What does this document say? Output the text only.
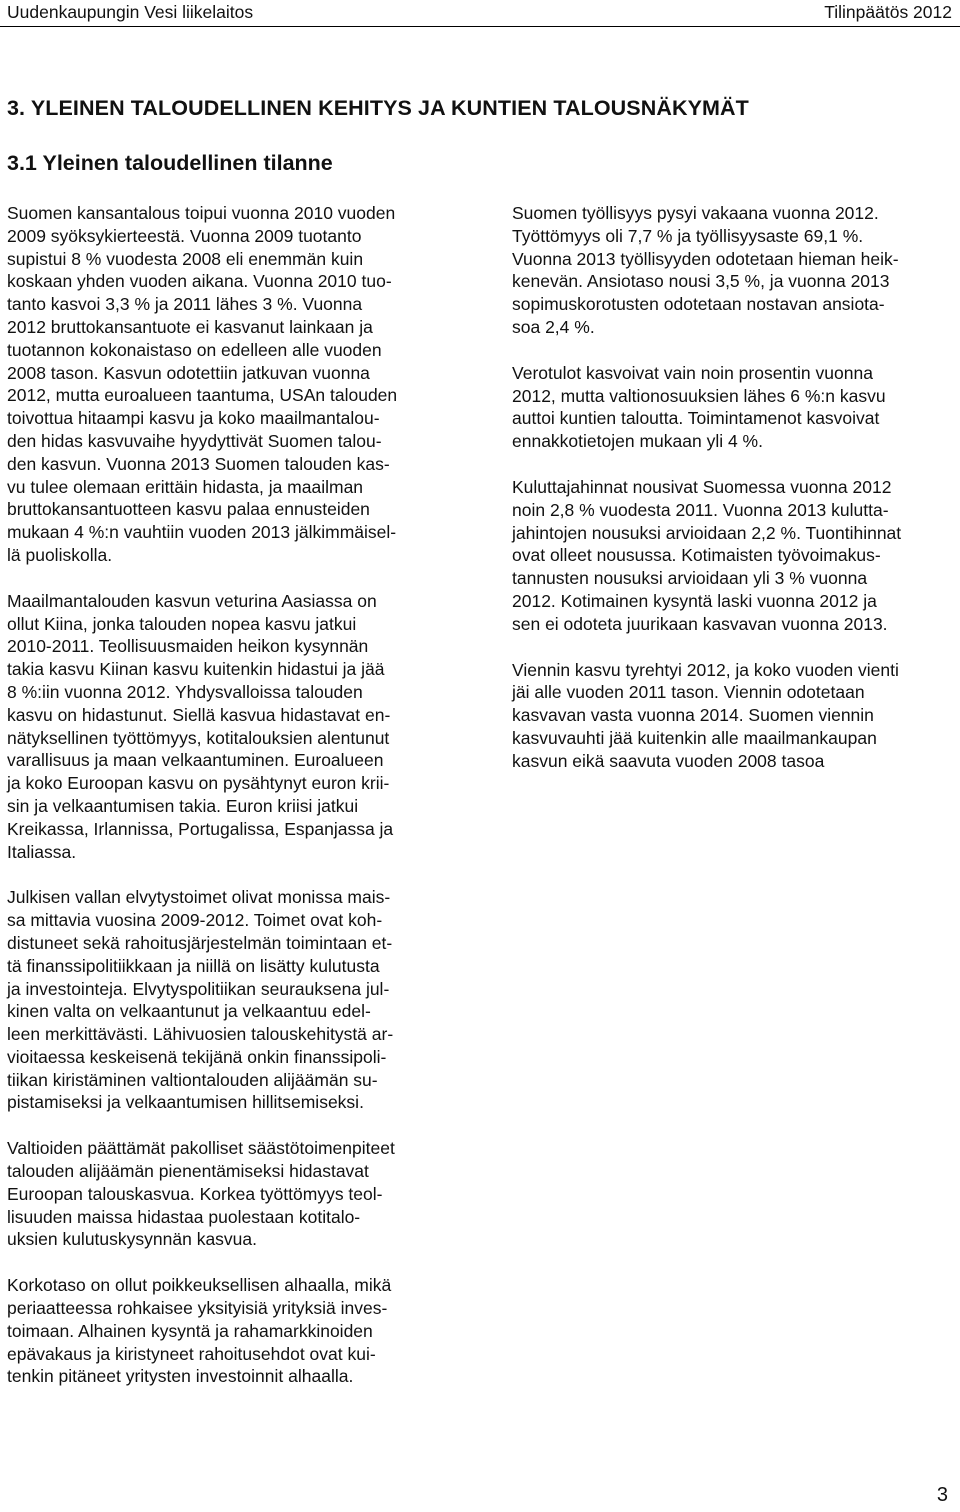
Uudenkaupungin Vesi liikelaitos	Tilinpäätös 2012
3. YLEINEN TALOUDELLINEN KEHITYS JA KUNTIEN TALOUSNÄKYMÄT
3.1 Yleinen taloudellinen tilanne

Suomen kansantalous toipui vuonna 2010 vuoden
2009 syöksykierteestä. Vuonna 2009 tuotanto
supistui 8 % vuodesta 2008 eli enemmän kuin
koskaan yhden vuoden aikana. Vuonna 2010 tuo-
tanto kasvoi 3,3 % ja 2011 lähes 3 %. Vuonna
2012 bruttokansantuote ei kasvanut lainkaan ja
tuotannon kokonaistaso on edelleen alle vuoden
2008 tason. Kasvun odotettiin jatkuvan vuonna
2012, mutta euroalueen taantuma, USAn talouden
toivottua hitaampi kasvu ja koko maailmantalou-
den hidas kasvuvaihe hyydyttivät Suomen talou-
den kasvun. Vuonna 2013 Suomen talouden kas-
vu tulee olemaan erittäin hidasta, ja maailman
bruttokansantuotteen kasvu palaa ennusteiden
mukaan 4 %:n vauhtiin vuoden 2013 jälkimmäisel-
lä puoliskolla.

Maailmantalouden kasvun veturina Aasiassa on
ollut Kiina, jonka talouden nopea kasvu jatkui
2010-2011. Teollisuusmaiden heikon kysynnän
takia kasvu Kiinan kasvu kuitenkin hidastui ja jää
8 %:iin vuonna 2012. Yhdysvalloissa talouden
kasvu on hidastunut. Siellä kasvua hidastavat en-
nätyksellinen työttömyys, kotitalouksien alentunut
varallisuus ja maan velkaantuminen. Euroalueen
ja koko Euroopan kasvu on pysähtynyt euron krii-
sin ja velkaantumisen takia. Euron kriisi jatkui
Kreikassa, Irlannissa, Portugalissa, Espanjassa ja
Italiassa.

Julkisen vallan elvytystoimet olivat monissa mais-
sa mittavia vuosina 2009-2012. Toimet ovat koh-
distuneet sekä rahoitusjärjestelmän toimintaan et-
tä finanssipolitiikkaan ja niillä on lisätty kulutusta
ja investointeja. Elvytyspolitiikan seurauksena jul-
kinen valta on velkaantunut ja velkaantuu edel-
leen merkittävästi. Lähivuosien talouskehitystä ar-
vioitaessa keskeisenä tekijänä onkin finanssipoli-
tiikan kiristäminen valtiontalouden alijäämän su-
pistamiseksi ja velkaantumisen hillitsemiseksi.

Valtioiden päättämät pakolliset säästötoimenpiteet
talouden alijäämän pienentämiseksi hidastavat
Euroopan talouskasvua. Korkea työttömyys teol-
lisuuden maissa hidastaa puolestaan kotitalo-
uksien kulutuskysynnän kasvua.

Korkotaso on ollut poikkeuksellisen alhaalla, mikä
periaatteessa rohkaisee yksityisiä yrityksiä inves-
toimaan. Alhainen kysyntä ja rahamarkkinoiden
epävakaus ja kiristyneet rahoitusehdot ovat kui-
tenkin pitäneet yritysten investoinnit alhaalla.

Suomen työllisyys pysyi vakaana vuonna 2012.
Työttömyys oli 7,7 % ja työllisyysaste 69,1 %.
Vuonna 2013 työllisyyden odotetaan hieman heik-
kenevän. Ansiotaso nousi 3,5 %, ja vuonna 2013
sopimuskorotusten odotetaan nostavan ansiota-
soa 2,4 %.

Verotulot kasvoivat vain noin prosentin vuonna
2012, mutta valtionosuuksien lähes 6 %:n kasvu
auttoi kuntien taloutta. Toimintamenot kasvoivat
ennakkotietojen mukaan yli 4 %.

Kuluttajahinnat nousivat Suomessa vuonna 2012
noin 2,8 % vuodesta 2011. Vuonna 2013 kulutta-
jahintojen nousuksi arvioidaan 2,2 %. Tuontihinnat
ovat olleet nousussa. Kotimaisten työvoimakus-
tannusten nousuksi arvioidaan yli 3 % vuonna
2012. Kotimainen kysyntä laski vuonna 2012 ja
sen ei odoteta juurikaan kasvavan vuonna 2013.

Viennin kasvu tyrehtyi 2012, ja koko vuoden vienti
jäi alle vuoden 2011 tason. Viennin odotetaan
kasvavan vasta vuonna 2014. Suomen viennin
kasvuvauhti jää kuitenkin alle maailmankaupan
kasvun eikä saavuta vuoden 2008 tasoa

3
